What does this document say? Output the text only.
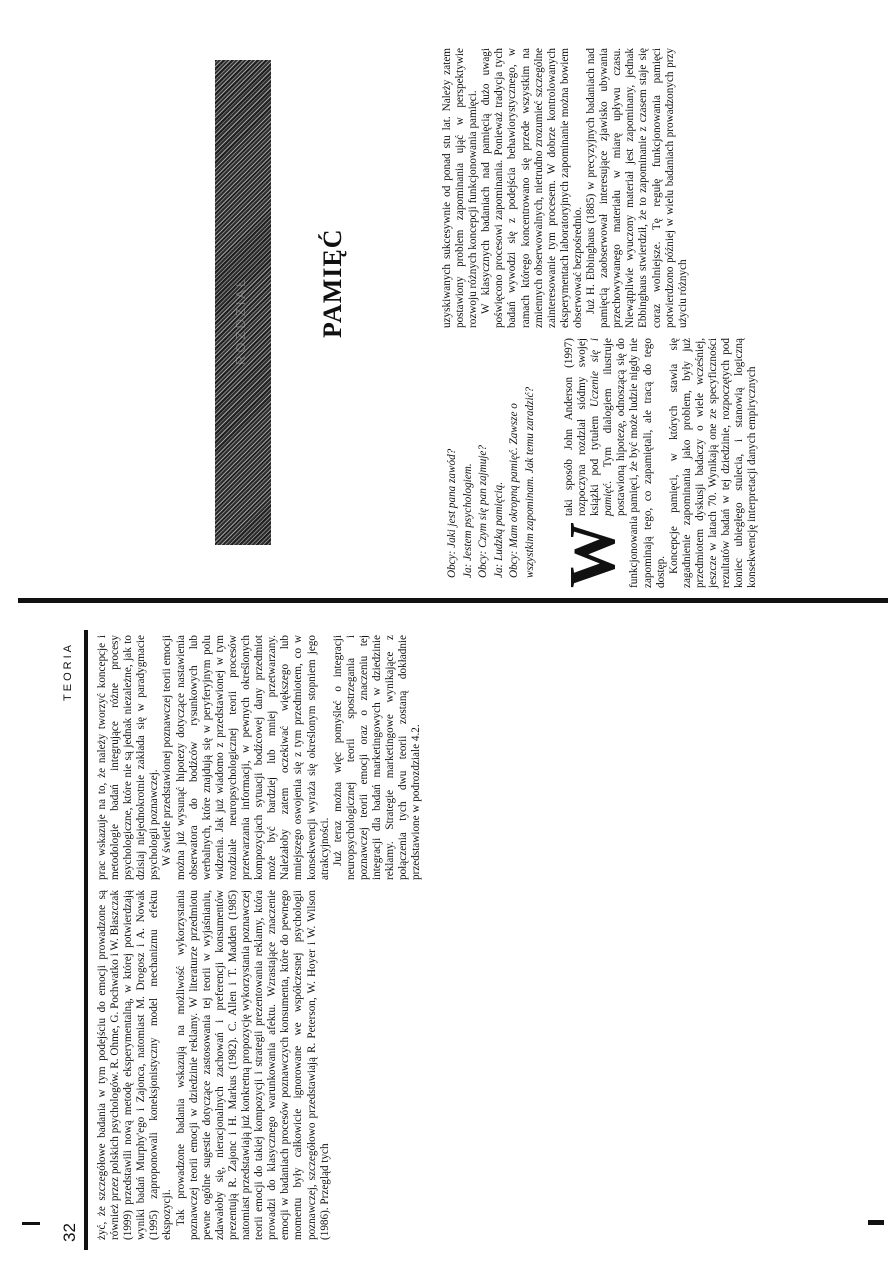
32
TEORIA

żyć, że szczegółowe badania w tym podejściu do emocji prowadzone są również przez polskich psychologów. R. Ohme, G. Pochwatko i W. Błaszczak (1999) przedstawili nową metodę eksperymentalną, w której potwierdzają wyniki badań Murphy'ego i Zajonca, natomiast M. Drogosz i A. Nowak (1995) zaproponowali koneksjonistyczny model mechanizmu efektu ekspozycji. Tak prowadzone badania wskazują na możliwość wykorzystania poznawczej teorii emocji w dziedzinie reklamy. W literaturze przedmiotu pewne ogólne sugestie dotyczące zastosowania tej teorii w wyjaśnianiu, zdawałoby się, nieracjonalnych zachowań i preferencji konsumentów prezentują R. Zajonc i H. Markus (1982). C. Allen i T. Madden (1985) natomiast przedstawiają już konkretną propozycję wykorzystania poznawczej teorii emocji do takiej kompozycji i strategii prezentowania reklamy, która prowadzi do klasycznego warunkowania afektu. Wzrastające znaczenie emocji w badaniach procesów poznawczych konsumenta, które do pewnego momentu były całkowicie ignorowane we współczesnej psychologii poznawczej, szczegółowo przedstawiają R. Peterson, W. Hoyer i W. Wilson (1986). Przegląd tych

prac wskazuje na to, że należy tworzyć koncepcje i metodologie badań integrujące różne procesy psychologiczne, które nie są jednak niezależne, jak to dzisiaj niejednokrotnie zakłada się w paradygmacie psychologii poznawczej. W świetle przedstawionej poznawczej teorii emocji można już wysunąć hipotezy dotyczące nastawienia obserwatora do bodźców rysunkowych lub werbalnych, które znajdują się w peryferyjnym polu widzenia. Jak już wiadomo z przedstawionej w tym rozdziale neuropsychologicznej teorii procesów przetwarzania informacji, w pewnych określonych kompozycjach sytuacji bodźcowej dany przedmiot może być bardziej lub mniej przetwarzany. Należałoby zatem oczekiwać większego lub mniejszego oswojenia się z tym przedmiotem, co w konsekwencji wyraża się określonym stopniem jego atrakcyjności. Już teraz można więc pomyśleć o integracji neuropsychologicznej teorii spostrzegania i poznawczej teorii emocji oraz o znaczeniu tej integracji dla badań marketingowych w dziedzinie reklamy. Strategie marketingowe wynikające z połączenia tych dwu teorii zostaną dokładnie przedstawione w podrozdziale 4.2.

Obcy: Jaki jest pana zawód? Ja: Jestem psychologiem. Obcy: Czym się pan zajmuje? Ja: Ludzką pamięcią. Obcy: Mam okropną pamięć. Zawsze o wszystkim zapominam. Jak temu zaradzić? W
taki sposób John Anderson (1997) rozpoczyna rozdział siódmy swojej książki pod tytułem Uczenie się i pamięć. Tym dialogiem ilustruje postawioną hipotezę, odnoszącą się do funkcjonowania pamięci, że być może ludzie nigdy nie zapominają tego, co zapamiętali, ale tracą do tego dostęp. Koncepcje pamięci, w których stawia się zagadnienie zapominania jako problem, były już przedmiotem dyskusji badaczy o wiele wcześniej, jeszcze w latach 70. Wynikają one ze specyficzności rezultatów badań w tej dziedzinie, rozpoczętych pod koniec ubiegłego stulecia, i stanowią logiczną konsekwencję interpretacji danych empirycznych

uzyskiwanych sukcesywnie od ponad stu lat. Należy zatem postawiony problem zapominania ująć w perspektywie rozwoju różnych koncepcji funkcjonowania pamięci. W klasycznych badaniach nad pamięcią dużo uwagi poświęcono procesowi zapominania. Ponieważ tradycja tych badań wywodzi się z podejścia behawiorystycznego, w ramach którego koncentrowano się przede wszystkim na zmiennych obserwowalnych, nietrudno zrozumieć szczególne zainteresowanie tym procesem. W dobrze kontrolowanych eksperymentach laboratoryjnych zapominanie można bowiem obserwować bezpośrednio. Już H. Ebbinghaus (1885) w precyzyjnych badaniach nad pamięcią zaobserwował interesujące zjawisko ubywania przechowywanego materiału w miarę upływu czasu. Niewątpliwie wyuczony materiał jest zapominany, jednak Ebbinghaus stwierdził, że to zapominanie z czasem staje się coraz wolniejsze. Tę regułę funkcjonowania pamięci potwierdzono później w wielu badaniach prowadzonych przy użyciu różnych

ROZDZIAŁ	PAMIĘĆ
